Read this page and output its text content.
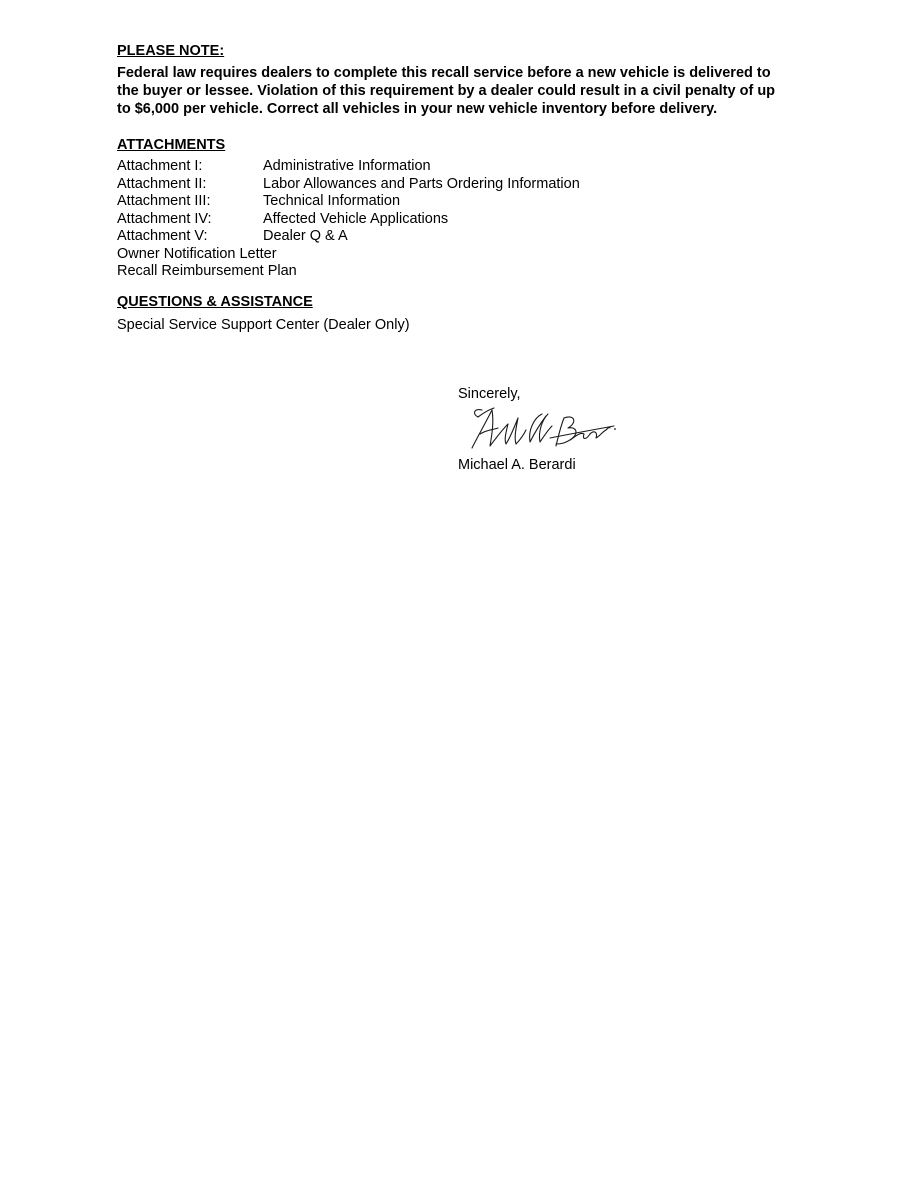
PLEASE NOTE:
Federal law requires dealers to complete this recall service before a new vehicle is delivered to
the buyer or lessee. Violation of this requirement by a dealer could result in a civil penalty of up
to $6,000 per vehicle. Correct all vehicles in your new vehicle inventory before delivery.
ATTACHMENTS
Attachment I:	Administrative Information
Attachment II:	Labor Allowances and Parts Ordering Information
Attachment III:	Technical Information
Attachment IV:	Affected Vehicle Applications
Attachment V:	Dealer Q & A
Owner Notification Letter
Recall Reimbursement Plan
QUESTIONS & ASSISTANCE
Special Service Support Center (Dealer Only)
Sincerely,
Michael A. Berardi
